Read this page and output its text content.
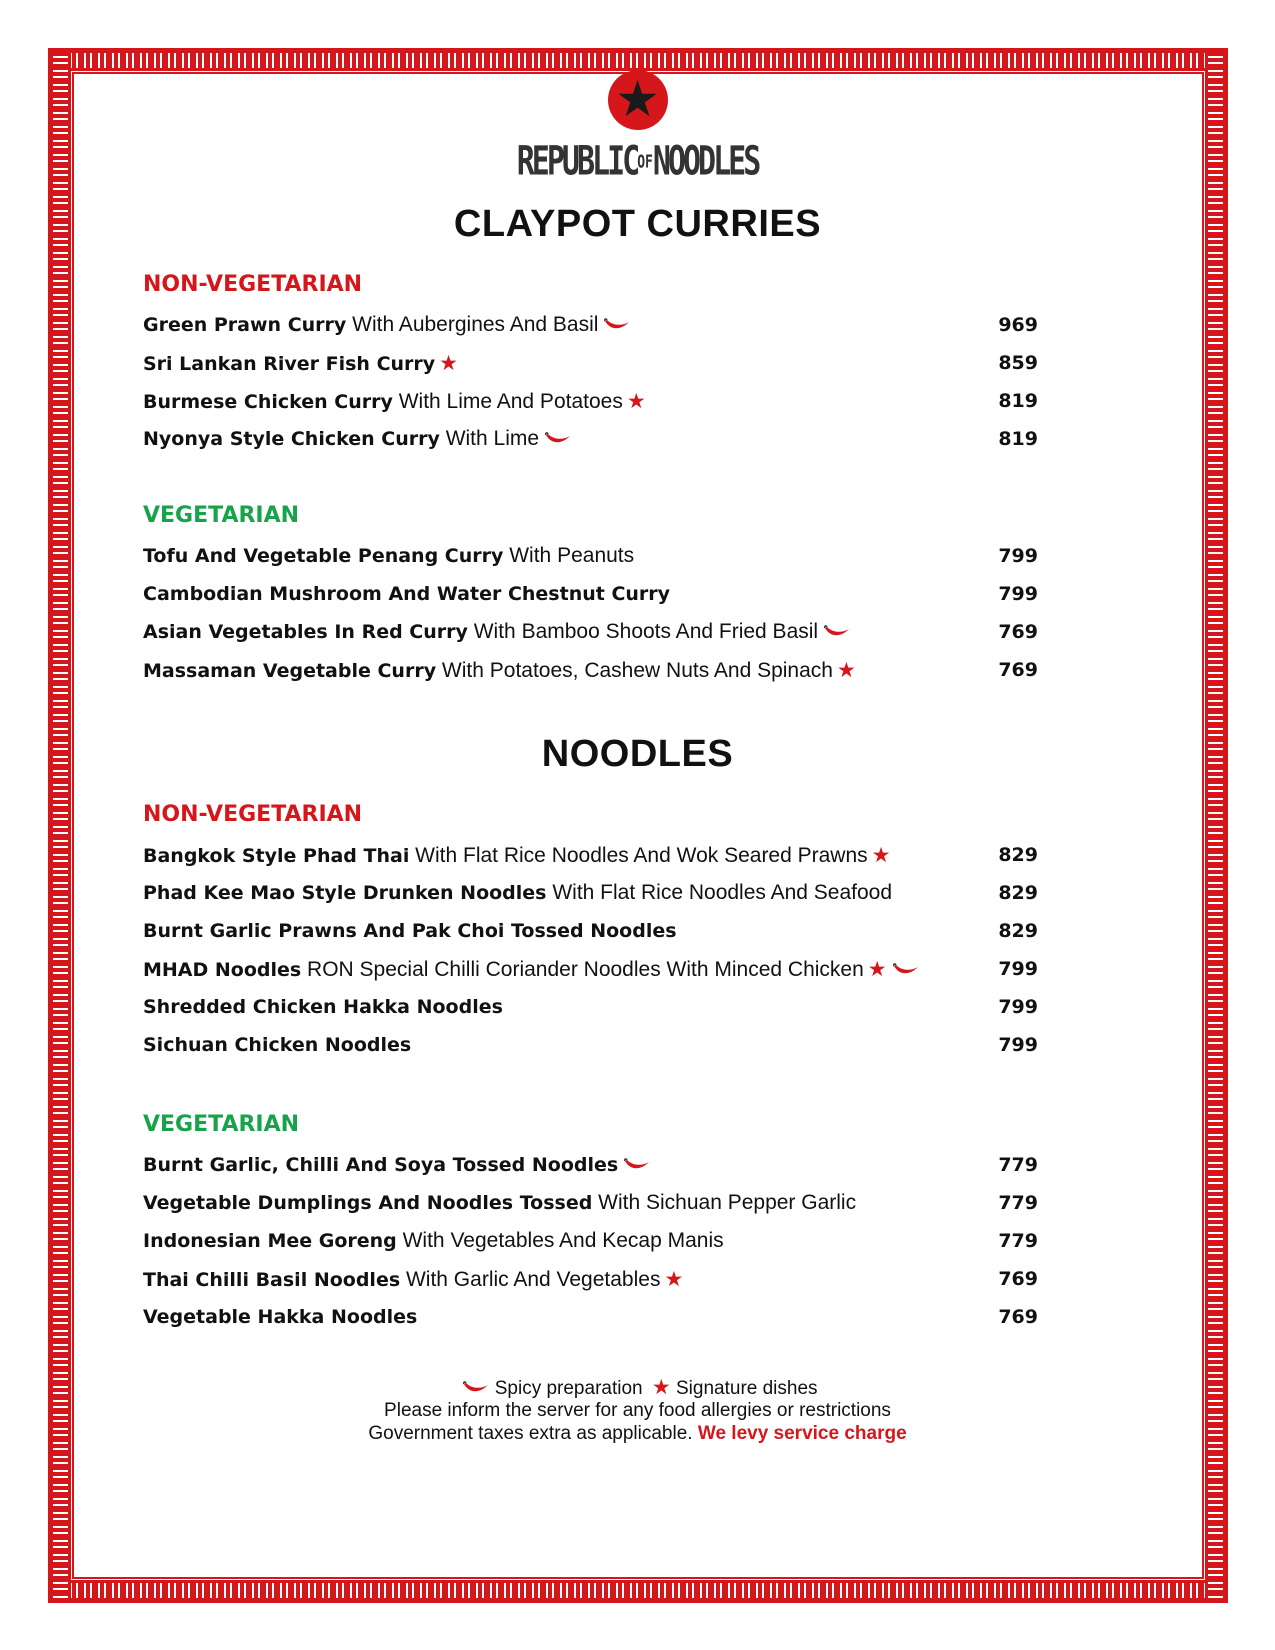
★
REPUBLICOFNOODLES
CLAYPOT CURRIES
NON-VEGETARIAN
Green Prawn Curry With Aubergines And Basil	969
Sri Lankan River Fish Curry ★	859
Burmese Chicken Curry With Lime And Potatoes ★	819
Nyonya Style Chicken Curry With Lime	819
VEGETARIAN
Tofu And Vegetable Penang Curry With Peanuts	799
Cambodian Mushroom And Water Chestnut Curry	799
Asian Vegetables In Red Curry With Bamboo Shoots And Fried Basil	769
Massaman Vegetable Curry With Potatoes, Cashew Nuts And Spinach ★	769
NOODLES
NON-VEGETARIAN
Bangkok Style Phad Thai With Flat Rice Noodles And Wok Seared Prawns ★	829
Phad Kee Mao Style Drunken Noodles With Flat Rice Noodles And Seafood	829
Burnt Garlic Prawns And Pak Choi Tossed Noodles	829
MHAD Noodles RON Special Chilli Coriander Noodles With Minced Chicken ★	799
Shredded Chicken Hakka Noodles	799
Sichuan Chicken Noodles	799
VEGETARIAN
Burnt Garlic, Chilli And Soya Tossed Noodles	779
Vegetable Dumplings And Noodles Tossed With Sichuan Pepper Garlic	779
Indonesian Mee Goreng With Vegetables And Kecap Manis	779
Thai Chilli Basil Noodles With Garlic And Vegetables ★	769
Vegetable Hakka Noodles	769
Spicy preparation ★ Signature dishes
Please inform the server for any food allergies or restrictions
Government taxes extra as applicable. We levy service charge
